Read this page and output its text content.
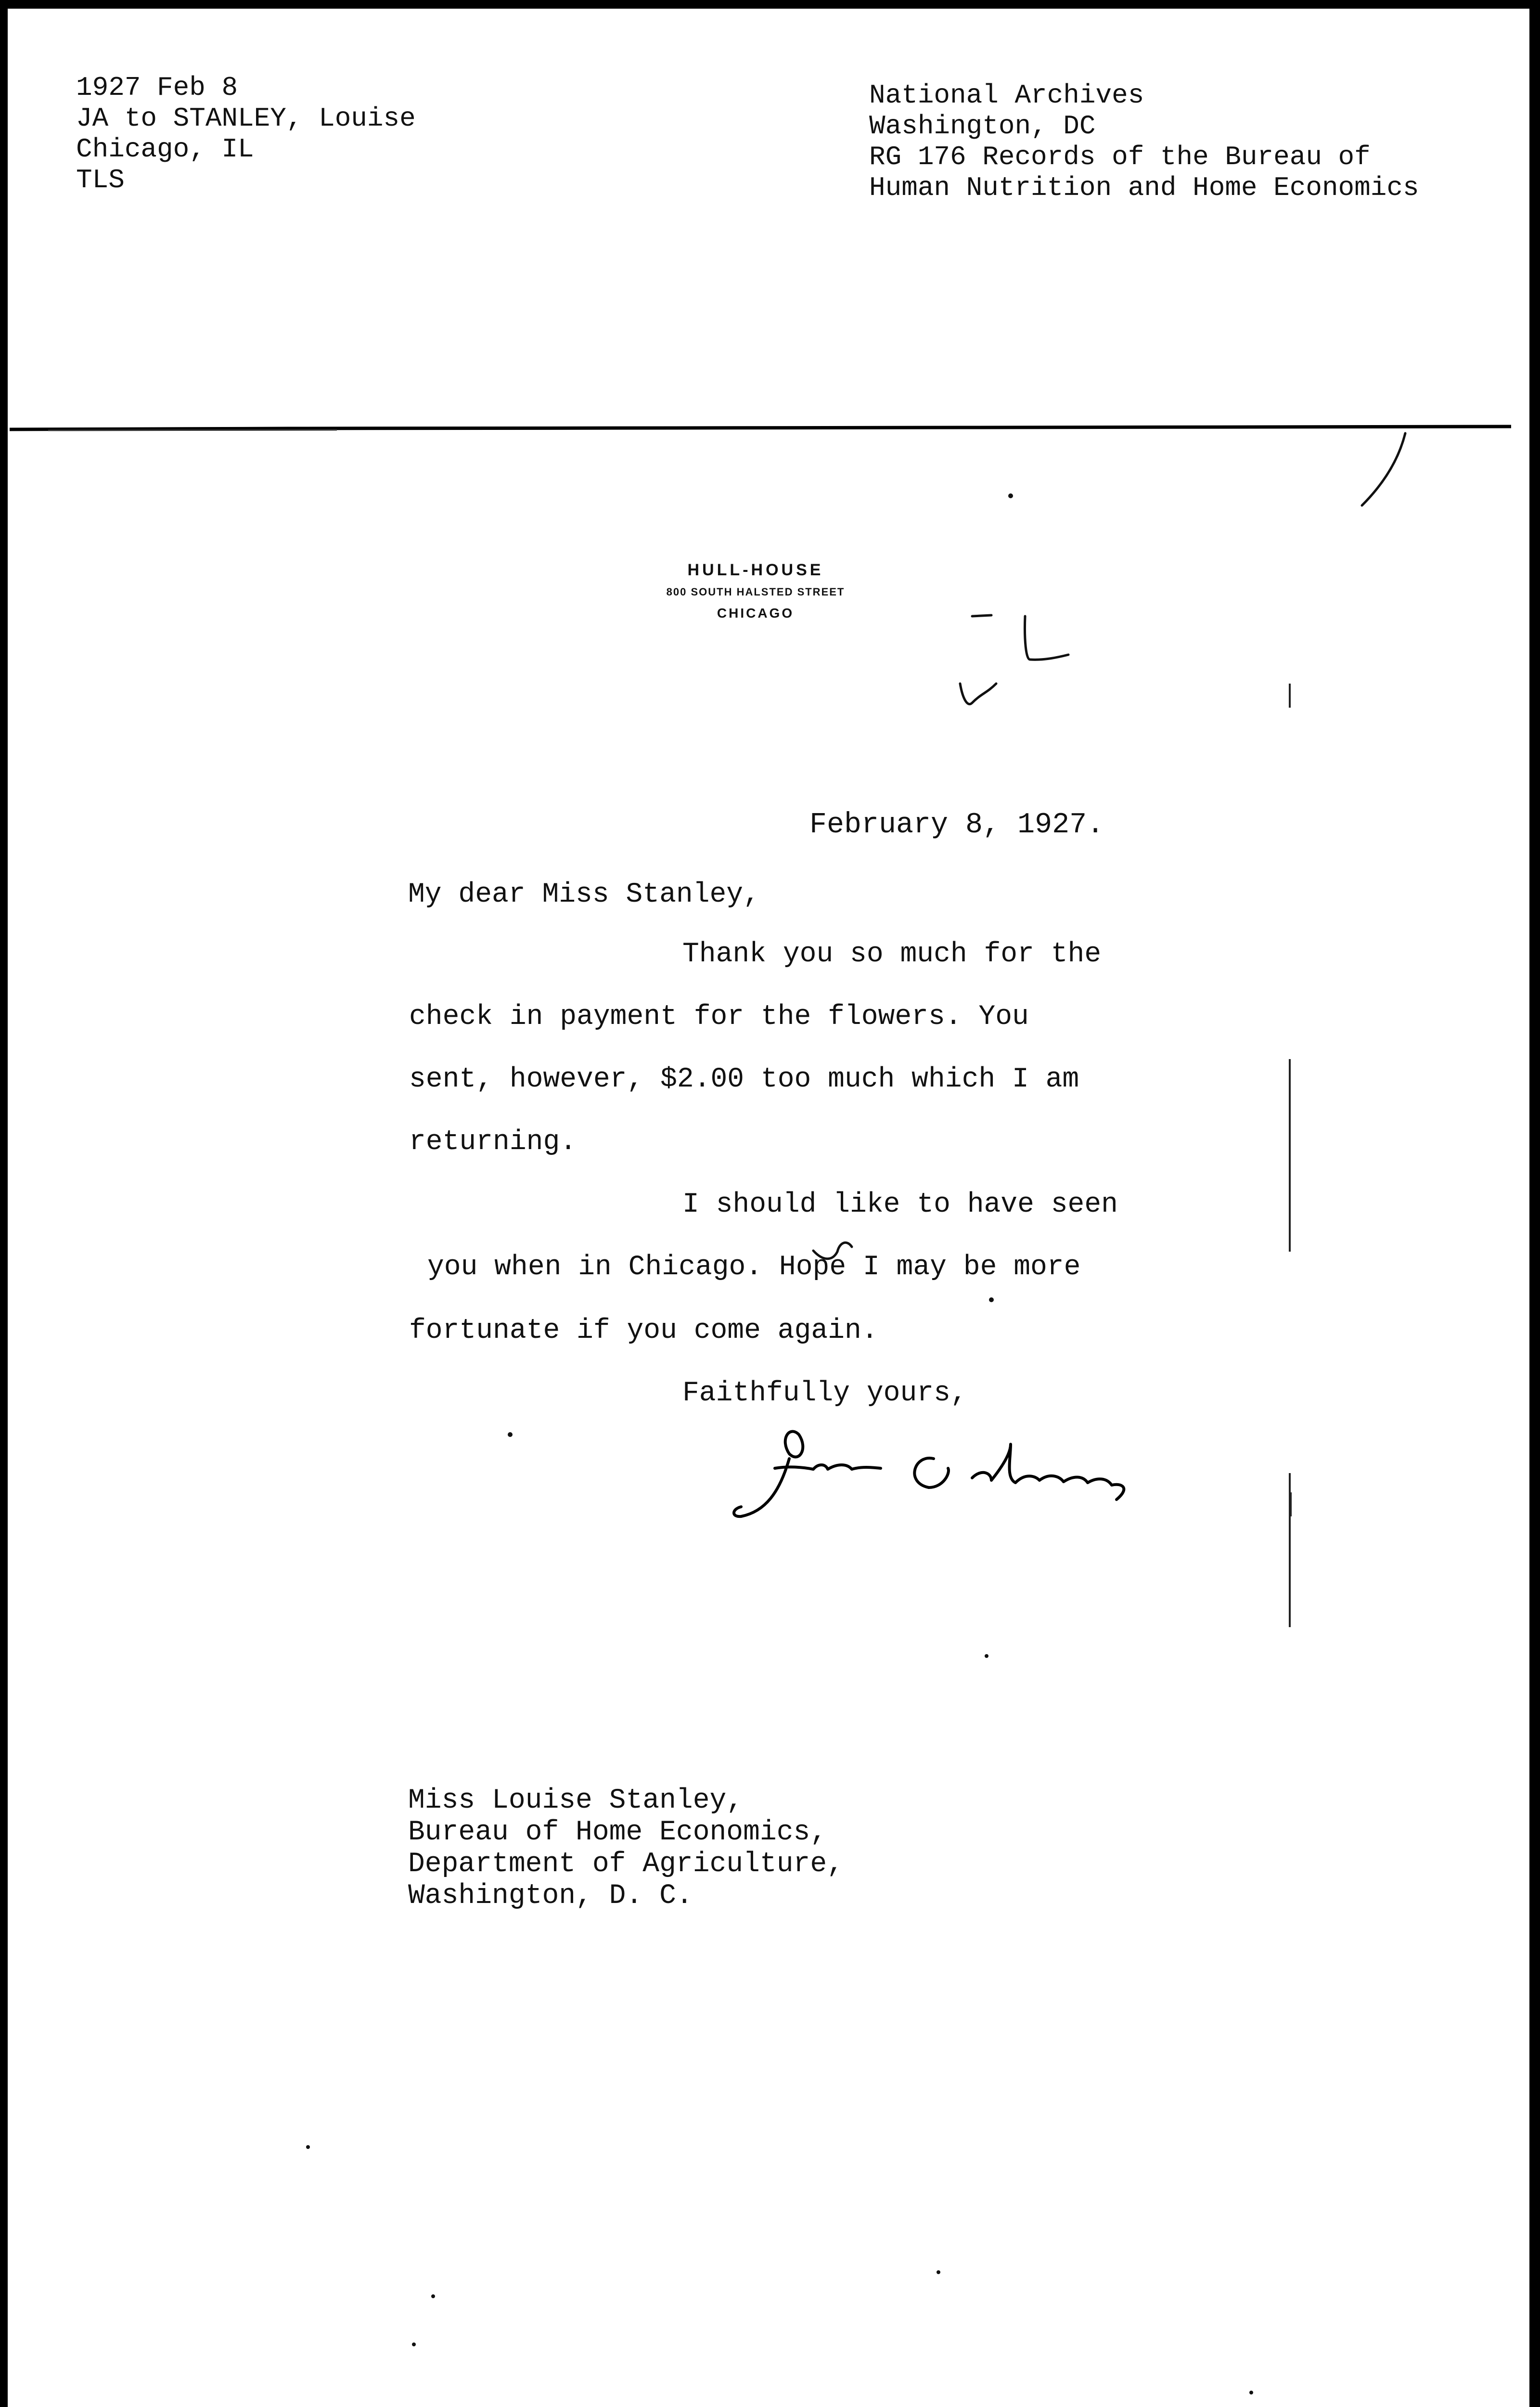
1927 Feb 8
JA to STANLEY, Louise
Chicago, IL
TLS
National Archives
Washington, DC
RG 176 Records of the Bureau of
Human Nutrition and Home Economics
HULL-HOUSE
800 SOUTH HALSTED STREET
CHICAGO
February 8, 1927.
My dear Miss Stanley,
Thank you so much for the
check in payment for the flowers. You
sent, however, $2.00 too much which I am
returning.
I should like to have seen
you when in Chicago. Hope I may be more
fortunate if you come again.
Faithfully yours,
Miss Louise Stanley,
Bureau of Home Economics,
Department of Agriculture,
Washington, D. C.
